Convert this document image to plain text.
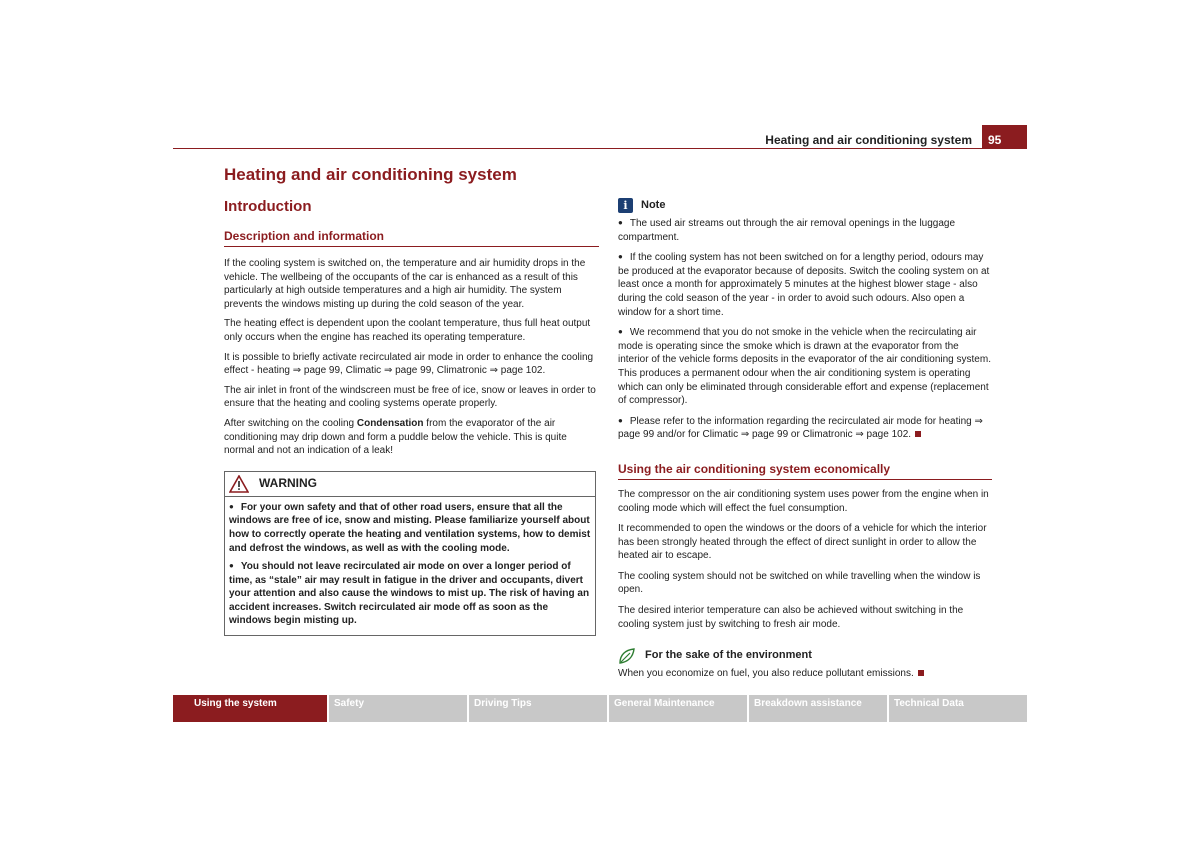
Heating and air conditioning system	95
Heating and air conditioning system
Introduction
Description and information

If the cooling system is switched on, the temperature and air humidity drops in the vehicle. The wellbeing of the occupants of the car is enhanced as a result of this particularly at high outside temperatures and a high air humidity. The system prevents the windows misting up during the cold season of the year.

The heating effect is dependent upon the coolant temperature, thus full heat output only occurs when the engine has reached its operating temperature.

It is possible to briefly activate recirculated air mode in order to enhance the cooling effect - heating ⇒ page 99, Climatic ⇒ page 99, Climatronic ⇒ page 102.

The air inlet in front of the windscreen must be free of ice, snow or leaves in order to ensure that the heating and cooling systems operate properly.

After switching on the cooling Condensation from the evaporator of the air conditioning may drip down and form a puddle below the vehicle. This is quite normal and not an indication of a leak!

WARNING

● For your own safety and that of other road users, ensure that all the windows are free of ice, snow and misting. Please familiarize yourself about how to correctly operate the heating and ventilation systems, how to demist and defrost the windows, as well as with the cooling mode.

● You should not leave recirculated air mode on over a longer period of time, as “stale” air may result in fatigue in the driver and occupants, divert your attention and also cause the windows to mist up. The risk of having an accident increases. Switch recirculated air mode off as soon as the windows begin misting up.

i	Note

● The used air streams out through the air removal openings in the luggage compartment.

● If the cooling system has not been switched on for a lengthy period, odours may be produced at the evaporator because of deposits. Switch the cooling system on at least once a month for approximately 5 minutes at the highest blower stage - also during the cold season of the year - in order to avoid such odours. Also open a window for a short time.

● We recommend that you do not smoke in the vehicle when the recirculating air mode is operating since the smoke which is drawn at the evaporator from the interior of the vehicle forms deposits in the evaporator of the air conditioning system. This produces a permanent odour when the air conditioning system is operating which can only be eliminated through considerable effort and expense (replacement of compressor).

● Please refer to the information regarding the recirculated air mode for heating ⇒ page 99 and/or for Climatic ⇒ page 99 or Climatronic ⇒ page 102.

Using the air conditioning system economically

The compressor on the air conditioning system uses power from the engine when in cooling mode which will effect the fuel consumption.

It recommended to open the windows or the doors of a vehicle for which the interior has been strongly heated through the effect of direct sunlight in order to allow the heated air to escape.

The cooling system should not be switched on while travelling when the window is open.

The desired interior temperature can also be achieved without switching in the cooling system just by switching to fresh air mode.

For the sake of the environment

When you economize on fuel, you also reduce pollutant emissions.

Using the system	Safety	Driving Tips	General Maintenance	Breakdown assistance	Technical Data
